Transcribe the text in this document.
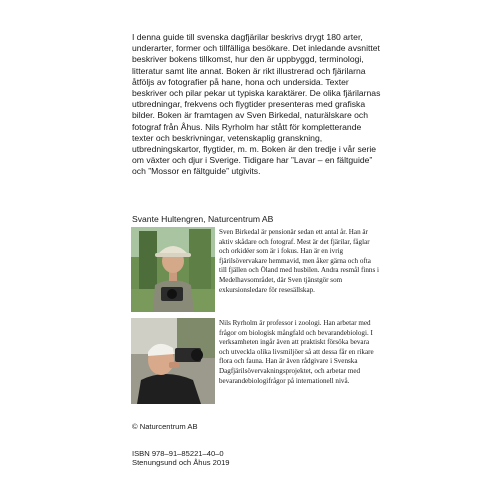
I denna guide till svenska dagfjärilar beskrivs drygt 180 arter, underarter, former och tillfälliga besökare. Det inledande avsnittet beskriver bokens tillkomst, hur den är uppbyggd, terminologi, litteratur samt lite annat. Boken är rikt illustrerad och fjärilarna åtföljs av fotografier på hane, hona och undersida. Texter beskriver och pilar pekar ut typiska karaktärer. De olika fjärilarnas utbredningar, frekvens och flygtider presenteras med grafiska bilder. Boken är framtagen av Sven Birkedal, naturälskare och fotograf från Åhus. Nils Ryrholm har stått för kompletterande texter och beskrivningar, vetenskaplig granskning, utbredningskartor, flygtider, m. m. Boken är den tredje i vår serie om växter och djur i Sverige. Tidigare har ”Lavar – en fältguide” och ”Mossor en fältguide” utgivits.

Svante Hultengren, Naturcentrum AB

Sven Birkedal är pensionär sedan ett antal år. Han är aktiv skådare och fotograf. Mest är det fjärilar, fåglar och orkidéer som är i fokus. Han är en ivrig fjärilsövervakare hemmavid, men åker gärna och ofta till fjällen och Öland med husbilen. Andra resmål finns i Medelhavsområdet, där Sven tjänstgör som exkursionsledare för resesällskap.

Nils Ryrholm är professor i zoologi. Han arbetar med frågor om biologisk mångfald och bevarandebiologi. I verksamheten ingår även att praktiskt försöka bevara och utveckla olika livsmiljöer så att dessa får en rikare flora och fauna. Han är även rådgivare i Svenska Dagfjärilsövervakningsprojektet, och arbetar med bevarandebiologifrågor på internationell nivå.

© Naturcentrum AB

ISBN 978–91–85221–40–0

Stenungsund och Åhus 2019
